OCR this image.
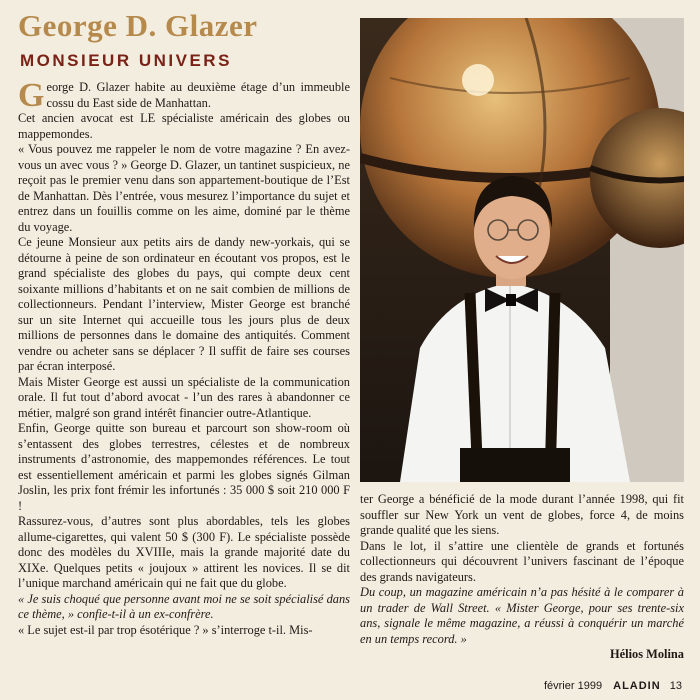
George D. Glazer
MONSIEUR UNIVERS

George D. Glazer habite au deuxième étage d’un immeuble cossu du East side de Manhattan.

Cet ancien avocat est LE spécialiste américain des globes ou mappemondes.

« Vous pouvez me rappeler le nom de votre magazine ? En avez-vous un avec vous ? » George D. Glazer, un tantinet suspicieux, ne reçoit pas le premier venu dans son appartement-boutique de l’Est de Manhattan. Dès l’entrée, vous mesurez l’importance du sujet et entrez dans un fouillis comme on les aime, dominé par le thème du voyage.

Ce jeune Monsieur aux petits airs de dandy new-yorkais, qui se détourne à peine de son ordinateur en écoutant vos propos, est le grand spécialiste des globes du pays, qui compte deux cent soixante millions d’habitants et on ne sait combien de millions de collectionneurs. Pendant l’interview, Mister George est branché sur un site Internet qui accueille tous les jours plus de deux millions de personnes dans le domaine des antiquités. Comment vendre ou acheter sans se déplacer ? Il suffit de faire ses courses par écran interposé.

Mais Mister George est aussi un spécialiste de la communication orale. Il fut tout d’abord avocat - l’un des rares à abandonner ce métier, malgré son grand intérêt financier outre-Atlantique.

Enfin, George quitte son bureau et parcourt son show-room où s’entassent des globes terrestres, célestes et de nombreux instruments d’astronomie, des mappemondes références. Le tout est essentiellement américain et parmi les globes signés Gilman Joslin, les prix font frémir les infortunés : 35 000 $ soit 210 000 F !

Rassurez-vous, d’autres sont plus abordables, tels les globes allume-cigarettes, qui valent 50 $ (300 F). Le spécialiste possède donc des modèles du XVIIIe, mais la grande majorité date du XIXe. Quelques petits « joujoux » attirent les novices. Il se dit l’unique marchand américain qui ne fait que du globe.

« Je suis choqué que personne avant moi ne se soit spécialisé dans ce thème, » confie-t-il à un ex-confrère.

« Le sujet est-il par trop ésotérique ? » s’interroge t-il. Mis-

ter George a bénéficié de la mode durant l’année 1998, qui fit souffler sur New York un vent de globes, force 4, de moins grande qualité que les siens.

Dans le lot, il s’attire une clientèle de grands et fortunés collectionneurs qui découvrent l’univers fascinant de l’époque des grands navigateurs.

Du coup, un magazine américain n’a pas hésité à le comparer à un trader de Wall Street. « Mister George, pour ses trente-six ans, signale le même magazine, a réussi à conquérir un marché en un temps record. »

Hélios Molina

février 1999 ALADIN 13
